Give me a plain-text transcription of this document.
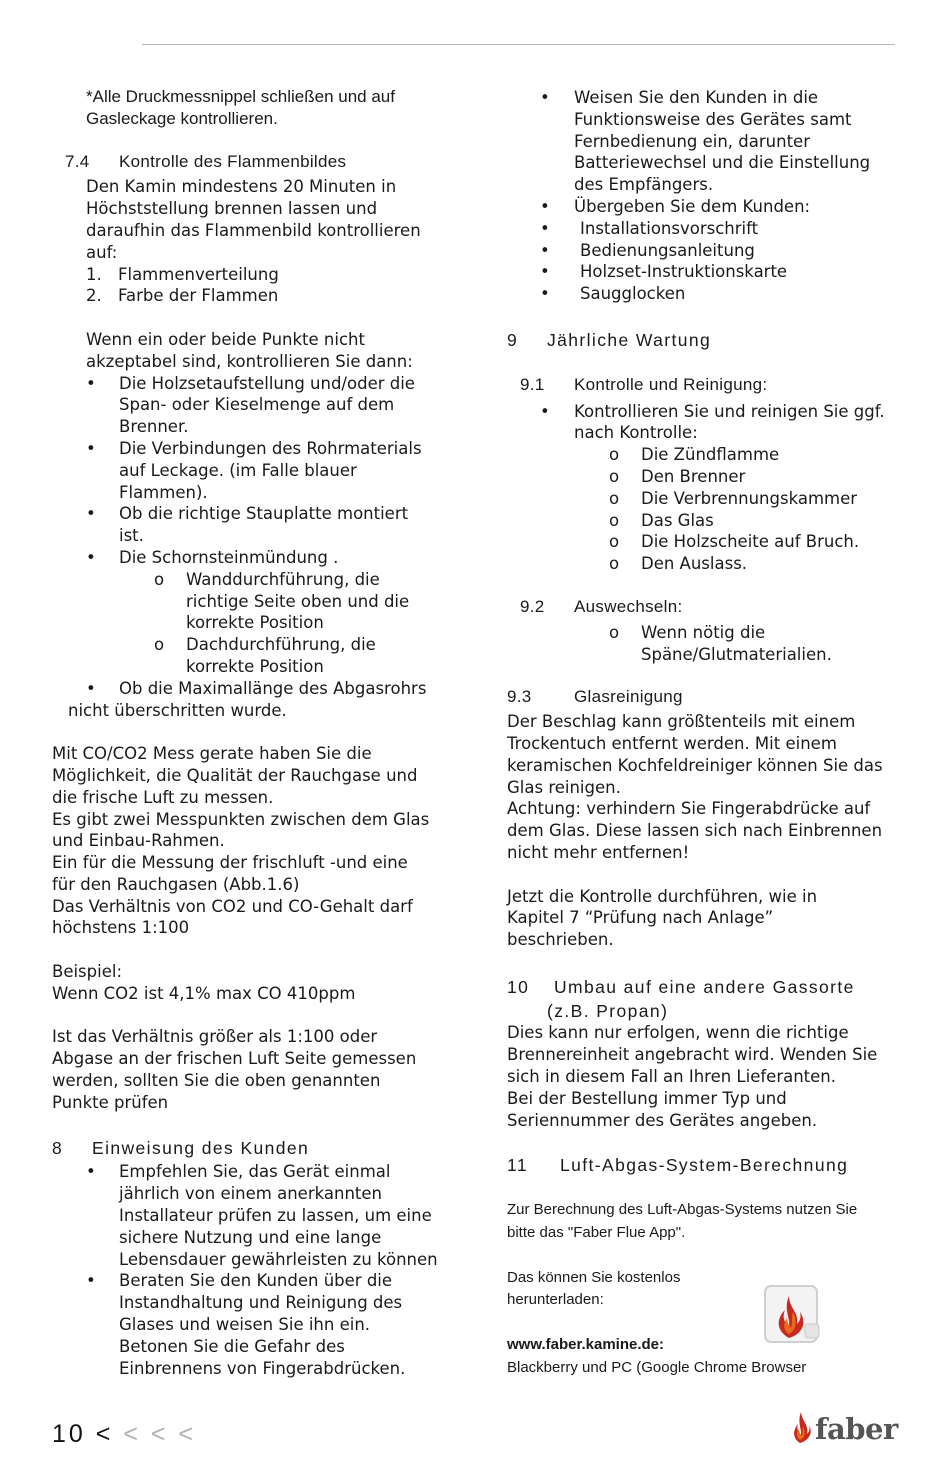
*Alle Druckmessnippel schließen und auf

Gasleckage kontrollieren.

7.4 Kontrolle des Flammenbildes

Den Kamin mindestens 20 Minuten in

Höchststellung brennen lassen und

daraufhin das Flammenbild kontrollieren

auf:

1. Flammenverteilung

2. Farbe der Flammen

Wenn ein oder beide Punkte nicht

akzeptabel sind, kontrollieren Sie dann:

• Die Holzsetaufstellung und/oder die

Span- oder Kieselmenge auf dem

Brenner.

• Die Verbindungen des Rohrmaterials

auf Leckage. (im Falle blauer

Flammen).

• Ob die richtige Stauplatte montiert

ist.

• Die Schornsteinmündung .

o Wanddurchführung, die

richtige Seite oben und die

korrekte Position

o Dachdurchführung, die

korrekte Position

• Ob die Maximallänge des Abgasrohrs

nicht überschritten wurde.

Mit CO/CO2 Mess gerate haben Sie die

Möglichkeit, die Qualität der Rauchgase und

die frische Luft zu messen.

Es gibt zwei Messpunkten zwischen dem Glas

und Einbau-Rahmen.

Ein für die Messung der frischluft -und eine

für den Rauchgasen (Abb.1.6)

Das Verhältnis von CO2 und CO-Gehalt darf

höchstens 1:100

Beispiel:

Wenn CO2 ist 4,1% max CO 410ppm

Ist das Verhältnis größer als 1:100 oder

Abgase an der frischen Luft Seite gemessen

werden, sollten Sie die oben genannten

Punkte prüfen

8 Einweisung des Kunden

• Empfehlen Sie, das Gerät einmal

jährlich von einem anerkannten

Installateur prüfen zu lassen, um eine

sichere Nutzung und eine lange

Lebensdauer gewährleisten zu können

• Beraten Sie den Kunden über die

Instandhaltung und Reinigung des

Glases und weisen Sie ihn ein.

Betonen Sie die Gefahr des

Einbrennens von Fingerabdrücken.

• Weisen Sie den Kunden in die

Funktionsweise des Gerätes samt

Fernbedienung ein, darunter

Batteriewechsel und die Einstellung

des Empfängers.

• Übergeben Sie dem Kunden:

• Installationsvorschrift

• Bedienungsanleitung

• Holzset-Instruktionskarte

• Saugglocken

9 Jährliche Wartung

9.1 Kontrolle und Reinigung:

• Kontrollieren Sie und reinigen Sie ggf.

nach Kontrolle:

o Die Zündflamme

o Den Brenner

o Die Verbrennungskammer

o Das Glas

o Die Holzscheite auf Bruch.

o Den Auslass.

9.2 Auswechseln:

o Wenn nötig die

Späne/Glutmaterialien.

9.3 Glasreinigung

Der Beschlag kann größtenteils mit einem

Trockentuch entfernt werden. Mit einem

keramischen Kochfeldreiniger können Sie das

Glas reinigen.

Achtung: verhindern Sie Fingerabdrücke auf

dem Glas. Diese lassen sich nach Einbrennen

nicht mehr entfernen!

Jetzt die Kontrolle durchführen, wie in

Kapitel 7 “Prüfung nach Anlage”

beschrieben.

10 Umbau auf eine andere Gassorte

(z.B. Propan)

Dies kann nur erfolgen, wenn die richtige

Brennereinheit angebracht wird. Wenden Sie

sich in diesem Fall an Ihren Lieferanten.

Bei der Bestellung immer Typ und

Seriennummer des Gerätes angeben.

11 Luft-Abgas-System-Berechnung

Zur Berechnung des Luft-Abgas-Systems nutzen Sie

bitte das "Faber Flue App".

Das können Sie kostenlos

herunterladen:

www.faber.kamine.de:

Blackberry und PC (Google Chrome Browser

10 < < < <	faber
